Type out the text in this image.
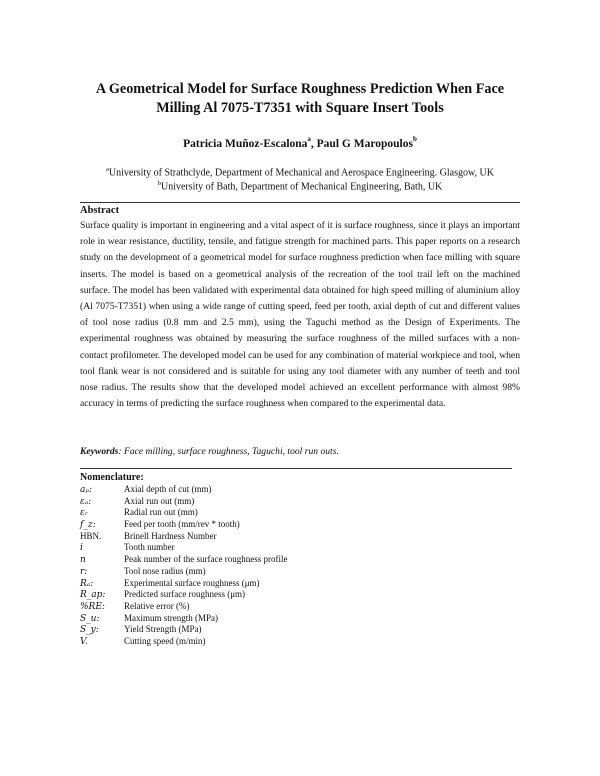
A Geometrical Model for Surface Roughness Prediction When Face Milling Al 7075-T7351 with Square Insert Tools
Patricia Muñoz-Escalona$^a$, Paul G Maropoulos$^b$
$^a$University of Strathclyde, Department of Mechanical and Aerospace Engineering. Glasgow, UK
$^b$University of Bath, Department of Mechanical Engineering, Bath, UK
Abstract
Surface quality is important in engineering and a vital aspect of it is surface roughness, since it plays an important role in wear resistance, ductility, tensile, and fatigue strength for machined parts. This paper reports on a research study on the development of a geometrical model for surface roughness prediction when face milling with square inserts. The model is based on a geometrical analysis of the recreation of the tool trail left on the machined surface. The model has been validated with experimental data obtained for high speed milling of aluminium alloy (Al 7075-T7351) when using a wide range of cutting speed, feed per tooth, axial depth of cut and different values of tool nose radius (0.8 mm and 2.5 mm), using the Taguchi method as the Design of Experiments. The experimental roughness was obtained by measuring the surface roughness of the milled surfaces with a non-contact profilometer. The developed model can be used for any combination of material workpiece and tool, when tool flank wear is not considered and is suitable for using any tool diameter with any number of teeth and tool nose radius. The results show that the developed model achieved an excellent performance with almost 98% accuracy in terms of predicting the surface roughness when compared to the experimental data.
Keywords: Face milling, surface roughness, Taguchi, tool run outs.
Nomenclature:
aₚ:	Axial depth of cut (mm)
εₐ:	Axial run out (mm)
εᵣ	Radial run out (mm)
f_z:	Feed per tooth (mm/rev * tooth)
HBN.	Brinell Hardness Number
i	Tooth number
n	Peak number of the surface roughness profile
r:	Tool nose radius (mm)
Rₐ:	Experimental surface roughness (μm)
R_ap: Predicted surface roughness (μm)
%RE: Relative error (%)
S_u:	Maximum strength (MPa)
S_y:	Yield Strength (MPa)
V.	Cutting speed (m/min)
